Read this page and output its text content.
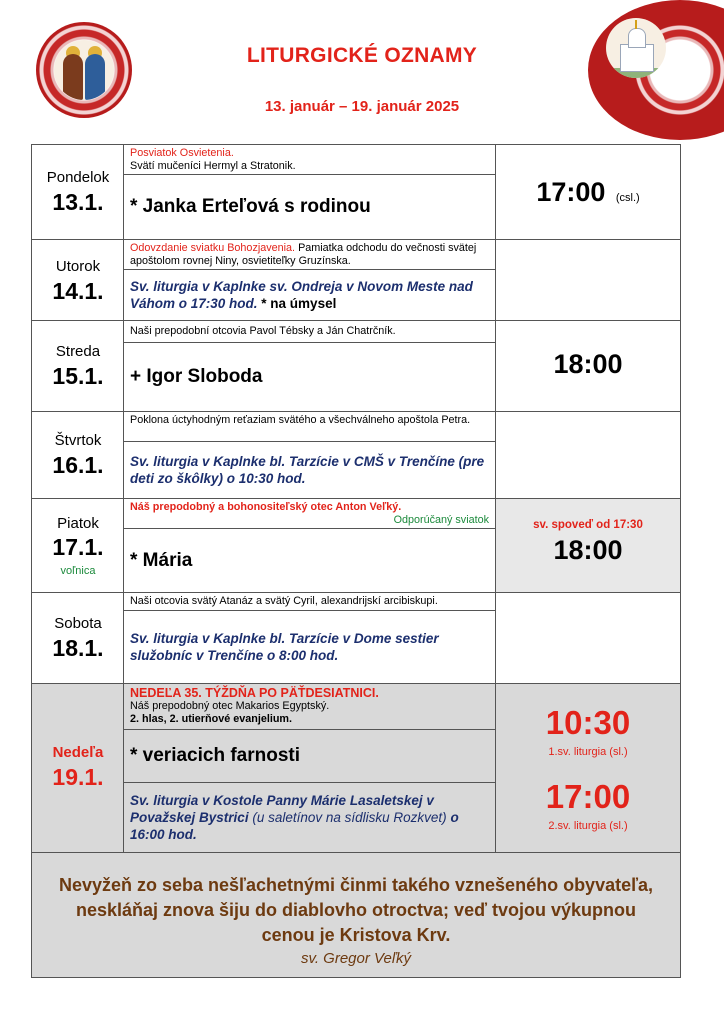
LITURGICKÉ OZNAMY
13. január – 19. január 2025
Pondelok
13.1.
Posviatok Osvietenia.
Svätí mučeníci Hermyl a Stratonik.
* Janka Erteľová s rodinou	17:00 (csl.)
Utorok
14.1.
Odovzdanie sviatku Bohozjavenia. Pamiatka odchodu do večnosti svätej apoštolom rovnej Niny, osvietiteľky Gruzínska.
Sv. liturgia v Kaplnke sv. Ondreja v Novom Meste nad Váhom o 17:30 hod. * na úmysel
Streda
15.1.
Naši prepodobní otcovia Pavol Tébsky a Ján Chatrčník.
+ Igor Sloboda	18:00
Štvrtok
16.1.
Poklona úctyhodným reťaziam svätého a všechválneho apoštola Petra.
Sv. liturgia v Kaplnke bl. Tarzície v CMŠ v Trenčíne (pre deti zo škôlky) o 10:30 hod.
Piatok
17.1.
voľnica
Náš prepodobný a bohonositeľský otec Anton Veľký.
Odporúčaný sviatok
* Mária
sv. spoveď od 17:30
18:00
Sobota
18.1.
Naši otcovia svätý Atanáz a svätý Cyril, alexandrijskí arcibiskupi.
Sv. liturgia v Kaplnke bl. Tarzície v Dome sestier služobníc v Trenčíne o 8:00 hod.
Nedeľa
19.1.
NEDEĽA 35. TÝŽDŇA PO PÄŤDESIATNICI.
Náš prepodobný otec Makarios Egyptský.
2. hlas, 2. utierňové evanjelium.
* veriacich farnosti
Sv. liturgia v Kostole Panny Márie Lasaletskej v Považskej Bystrici (u saletínov na sídlisku Rozkvet) o 16:00 hod.
10:30
1.sv. liturgia (sl.)
17:00
2.sv. liturgia (sl.)
Nevyžeň zo seba nešľachetnými činmi takého vznešeného obyvateľa, neskláňaj znova šiju do diablovho otroctva; veď tvojou výkupnou cenou je Kristova Krv.
sv. Gregor Veľký
